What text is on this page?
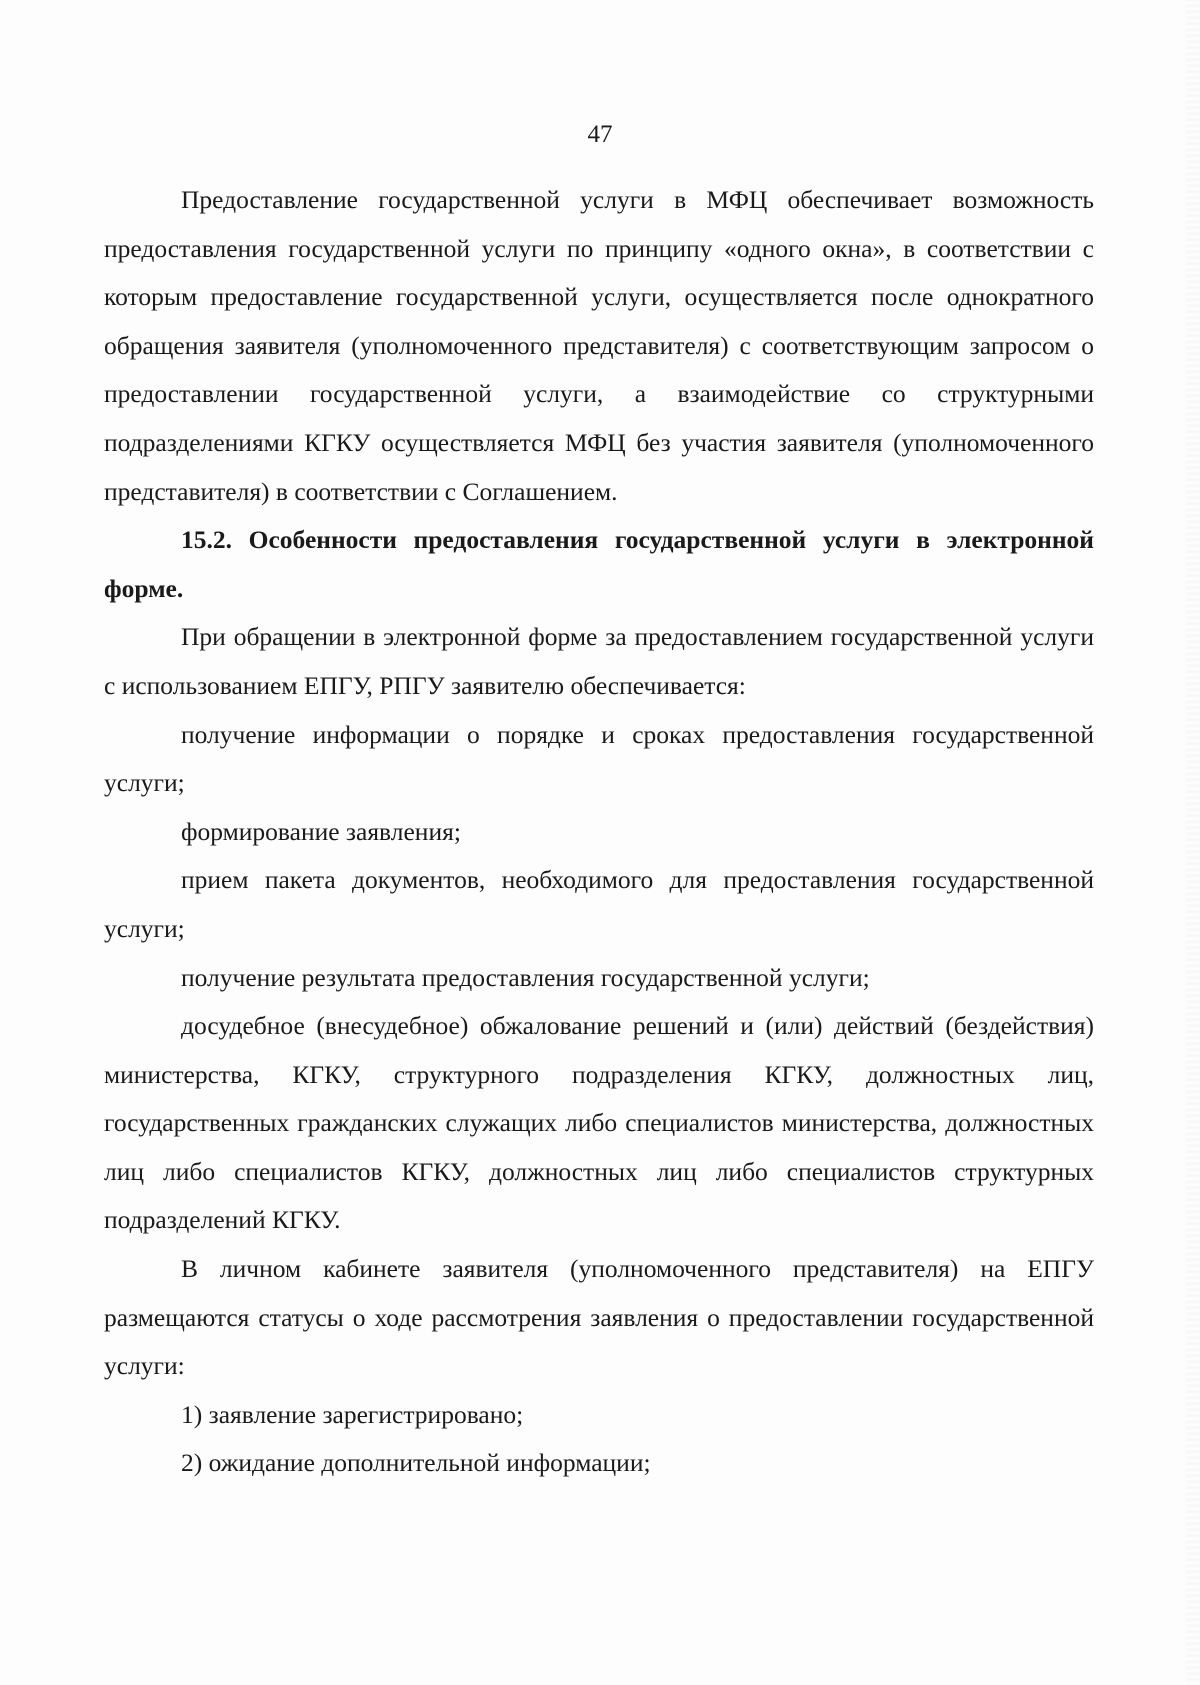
47

Предоставление государственной услуги в МФЦ обеспечивает возможность предоставления государственной услуги по принципу «одного окна», в соответствии с которым предоставление государственной услуги, осуществляется после однократного обращения заявителя (уполномоченного представителя) с соответствующим запросом о предоставлении государственной услуги, а взаимодействие со структурными подразделениями КГКУ осуществляется МФЦ без участия заявителя (уполномоченного представителя) в соответствии с Соглашением.

15.2. Особенности предоставления государственной услуги в электронной форме.

При обращении в электронной форме за предоставлением государственной услуги с использованием ЕПГУ, РПГУ заявителю обеспечивается:

получение информации о порядке и сроках предоставления государственной услуги;

формирование заявления;

прием пакета документов, необходимого для предоставления государственной услуги;

получение результата предоставления государственной услуги;

досудебное (внесудебное) обжалование решений и (или) действий (бездействия) министерства, КГКУ, структурного подразделения КГКУ, должностных лиц, государственных гражданских служащих либо специалистов министерства, должностных лиц либо специалистов КГКУ, должностных лиц либо специалистов структурных подразделений КГКУ.

В личном кабинете заявителя (уполномоченного представителя) на ЕПГУ размещаются статусы о ходе рассмотрения заявления о предоставлении государственной услуги:

1) заявление зарегистрировано;

2) ожидание дополнительной информации;
